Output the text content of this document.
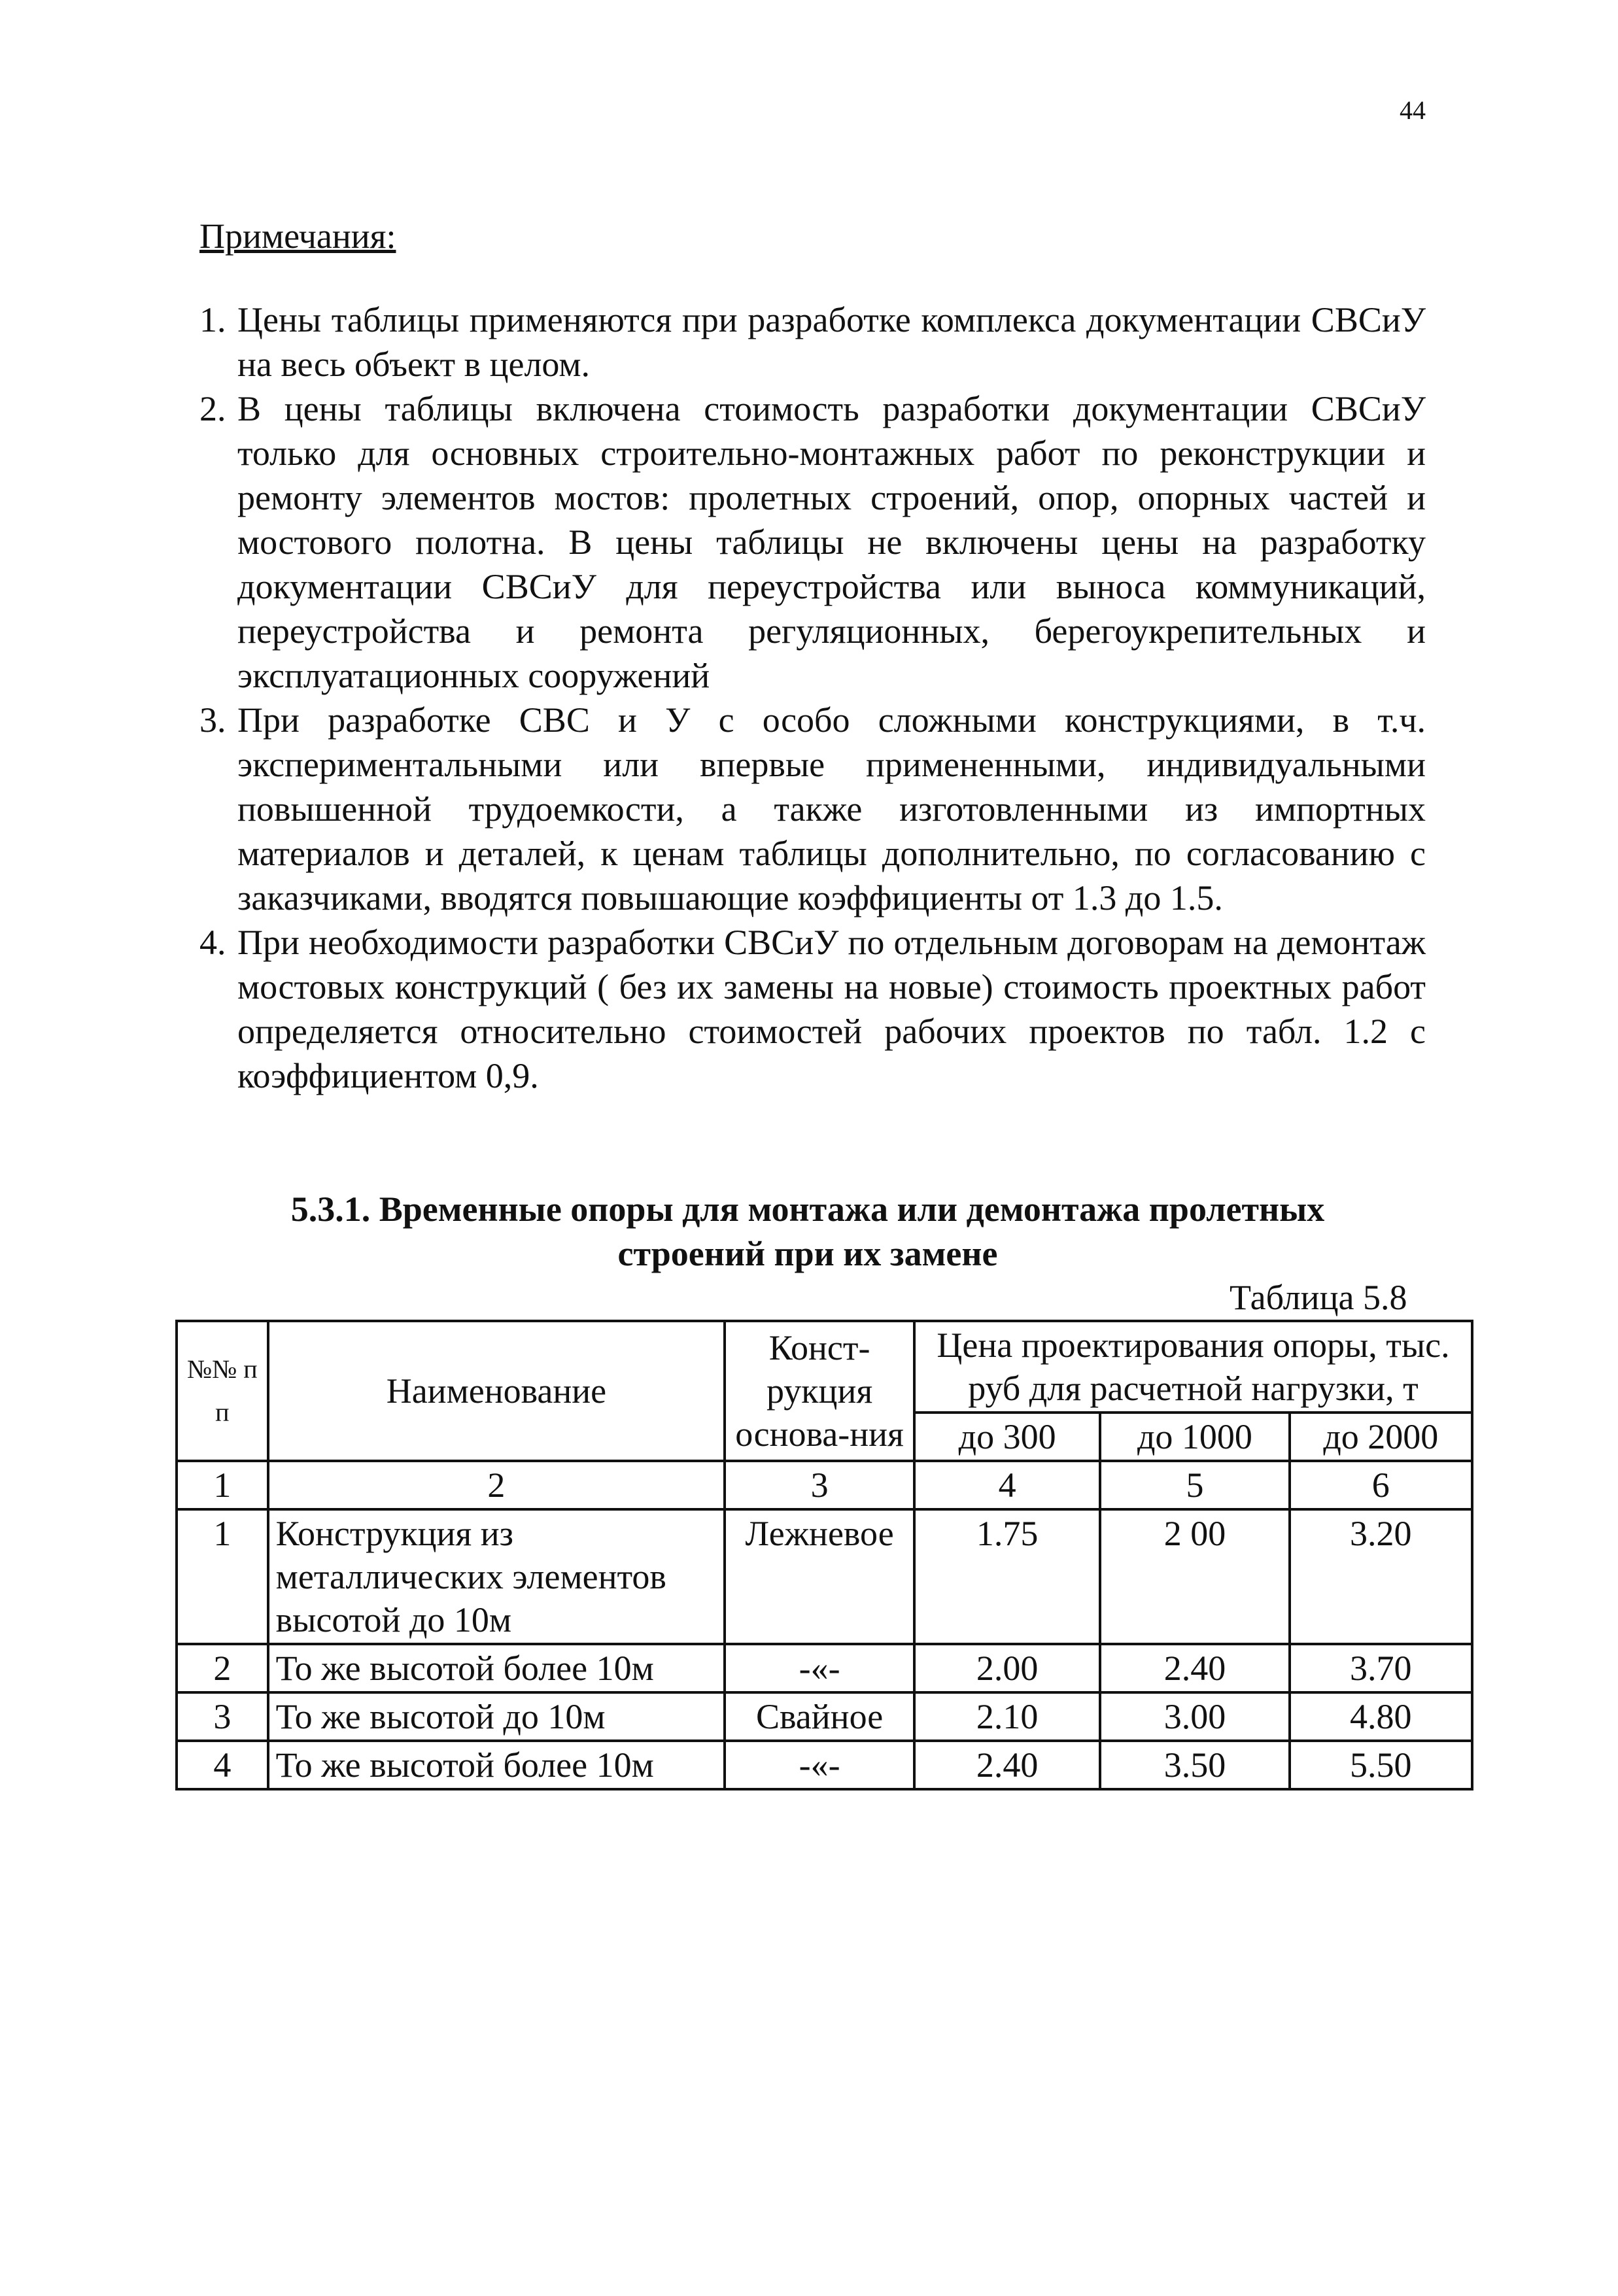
44
Примечания:
1. Цены таблицы применяются при разработке комплекса документации СВСиУ на весь объект в целом.
2. В цены таблицы включена стоимость разработки документации СВСиУ только для основных строительно-монтажных работ по реконструкции и ремонту элементов мостов: пролетных строений, опор, опорных частей и мостового полотна. В цены таблицы не включены цены на разработку документации СВСиУ для переустройства или выноса коммуникаций, переустройства и ремонта регуляционных, берегоукрепительных и эксплуатационных сооружений
3. При разработке СВС и У с особо сложными конструкциями, в т.ч. экспериментальными или впервые примененными, индивидуальными повышенной трудоемкости, а также изготовленными из импортных материалов и деталей, к ценам таблицы дополнительно, по согласованию с заказчиками, вводятся повышающие коэффициенты от 1.3 до 1.5.
4. При необходимости разработки СВСиУ по отдельным договорам на демонтаж мостовых конструкций ( без их замены на новые) стоимость проектных работ определяется относительно стоимостей рабочих проектов по табл. 1.2 с коэффициентом 0,9.
5.3.1. Временные опоры для монтажа или демонтажа пролетных
строений при их замене
Таблица 5.8
№№ п п	Наименование	Конст-рукция основа-ния	Цена проектирования опоры, тыс. руб для расчетной нагрузки, т		
			до 300	до 1000	до 2000
1	2	3	4	5	6
1	Конструкция из металлических элементов высотой до 10м	Лежневое	1.75	2 00	3.20
2	То же высотой более 10м	-«-	2.00	2.40	3.70
3	То же высотой до 10м	Свайное	2.10	3.00	4.80
4	То же высотой более 10м	-«-	2.40	3.50	5.50
